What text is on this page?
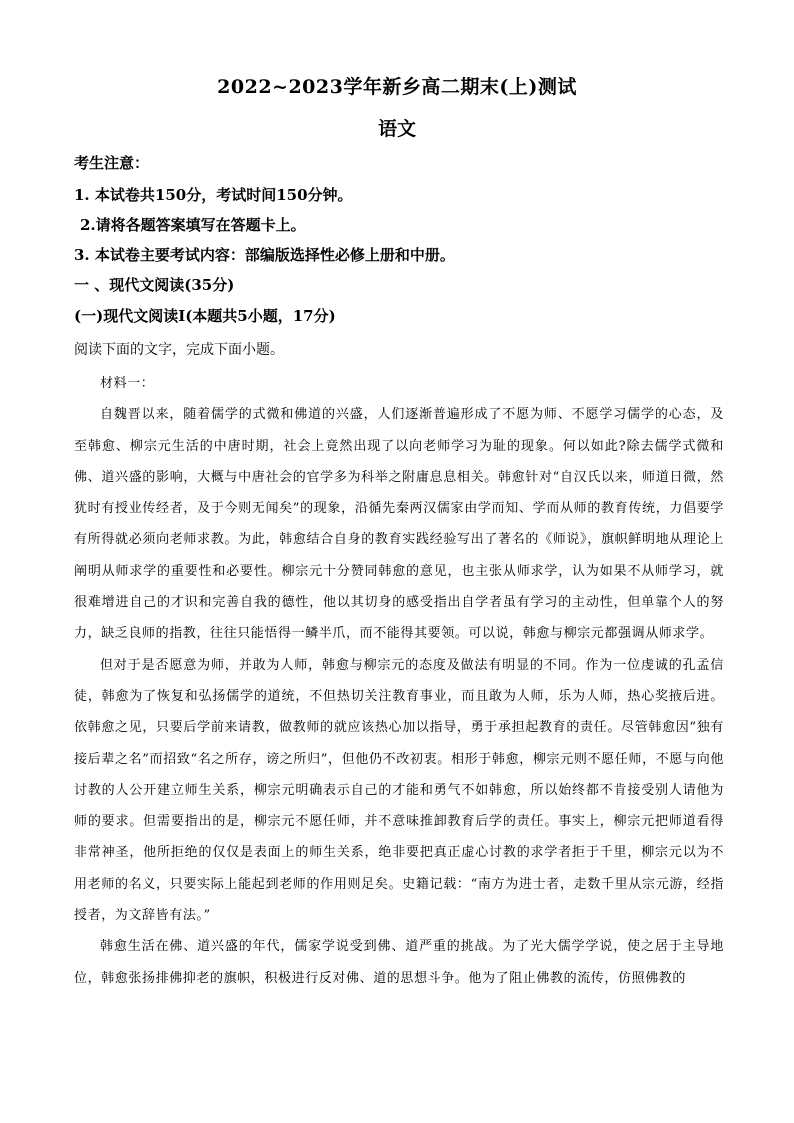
2022~2023学年新乡高二期末(上)测试
语文
考生注意：
1. 本试卷共150分，考试时间150分钟。
2.请将各题答案填写在答题卡上。
3. 本试卷主要考试内容：部编版选择性必修上册和中册。
一 、现代文阅读(35分)
(一)现代文阅读Ⅰ(本题共5小题，17分)
阅读下面的文字，完成下面小题。

材料一：

自魏晋以来，随着儒学的式微和佛道的兴盛，人们逐渐普遍形成了不愿为师、不愿学习儒学的心态，及至韩愈、柳宗元生活的中唐时期，社会上竟然出现了以向老师学习为耻的现象。何以如此?除去儒学式微和佛、道兴盛的影响，大概与中唐社会的官学多为科举之附庸息息相关。韩愈针对“自汉氏以来，师道日微，然犹时有授业传经者，及于今则无闻矣”的现象，沿循先秦两汉儒家由学而知、学而从师的教育传统，力倡要学有所得就必须向老师求教。为此，韩愈结合自身的教育实践经验写出了著名的《师说》，旗帜鲜明地从理论上阐明从师求学的重要性和必要性。柳宗元十分赞同韩愈的意见，也主张从师求学，认为如果不从师学习，就很难增进自己的才识和完善自我的德性，他以其切身的感受指出自学者虽有学习的主动性，但单靠个人的努力，缺乏良师的指教，往往只能悟得一鳞半爪，而不能得其要领。可以说，韩愈与柳宗元都强调从师求学。

但对于是否愿意为师，并敢为人师，韩愈与柳宗元的态度及做法有明显的不同。作为一位虔诚的孔孟信徒，韩愈为了恢复和弘扬儒学的道统，不但热切关注教育事业，而且敢为人师，乐为人师，热心奖掖后进。依韩愈之见，只要后学前来请教，做教师的就应该热心加以指导，勇于承担起教育的责任。尽管韩愈因“独有接后辈之名”而招致“名之所存，谤之所归”，但他仍不改初衷。相形于韩愈，柳宗元则不愿任师，不愿与向他讨教的人公开建立师生关系，柳宗元明确表示自己的才能和勇气不如韩愈，所以始终都不肯接受别人请他为师的要求。但需要指出的是，柳宗元不愿任师，并不意味推卸教育后学的责任。事实上，柳宗元把师道看得非常神圣，他所拒绝的仅仅是表面上的师生关系，绝非要把真正虚心讨教的求学者拒于千里，柳宗元以为不用老师的名义，只要实际上能起到老师的作用则足矣。史籍记载：“南方为进士者，走数千里从宗元游，经指授者，为文辞皆有法。”

韩愈生活在佛、道兴盛的年代，儒家学说受到佛、道严重的挑战。为了光大儒学学说，使之居于主导地位，韩愈张扬排佛抑老的旗帜，积极进行反对佛、道的思想斗争。他为了阻止佛教的流传，仿照佛教的
